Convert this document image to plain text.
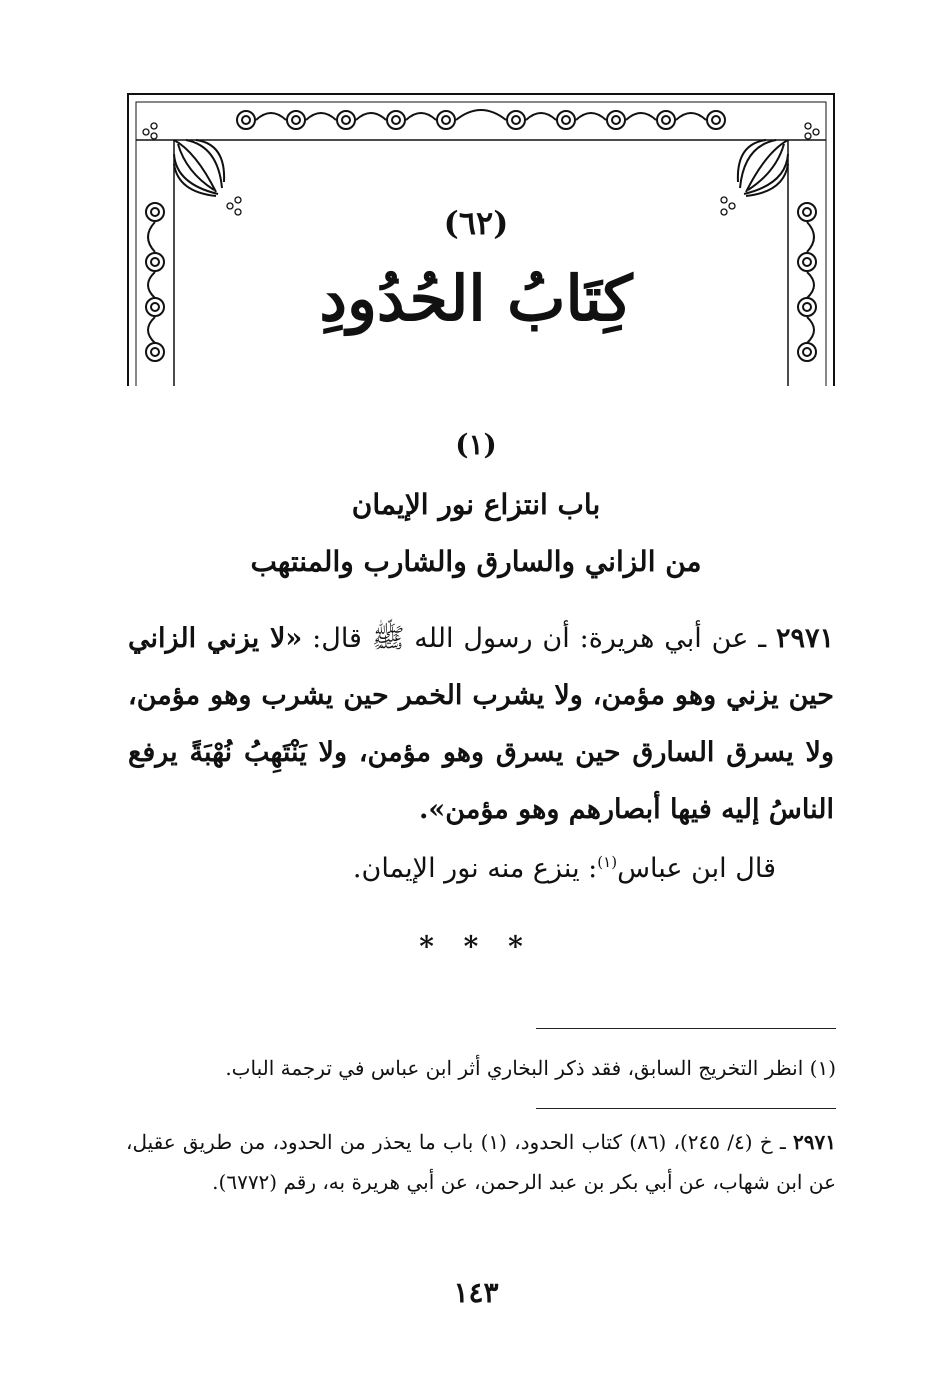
(٦٢)
كِتَابُ الحُدُودِ
(١)
باب انتزاع نور الإيمان
من الزاني والسارق والشارب والمنتهب

٢٩٧١ ـ عن أبي هريرة: أن رسول الله ﷺ قال: «لا يزني الزاني حين يزني وهو مؤمن، ولا يشرب الخمر حين يشرب وهو مؤمن، ولا يسرق السارق حين يسرق وهو مؤمن، ولا يَنْتَهِبُ نُهْبَةً يرفع الناسُ إليه فيها أبصارهم وهو مؤمن».

قال ابن عباس$^{(١)}$: ينزع منه نور الإيمان.

* * *

(١) انظر التخريج السابق، فقد ذكر البخاري أثر ابن عباس في ترجمة الباب.

٢٩٧١ ـ خ (٤/ ٢٤٥)، (٨٦) كتاب الحدود، (١) باب ما يحذر من الحدود، من طريق عقيل، عن ابن شهاب، عن أبي بكر بن عبد الرحمن، عن أبي هريرة به، رقم (٦٧٧٢).

١٤٣
